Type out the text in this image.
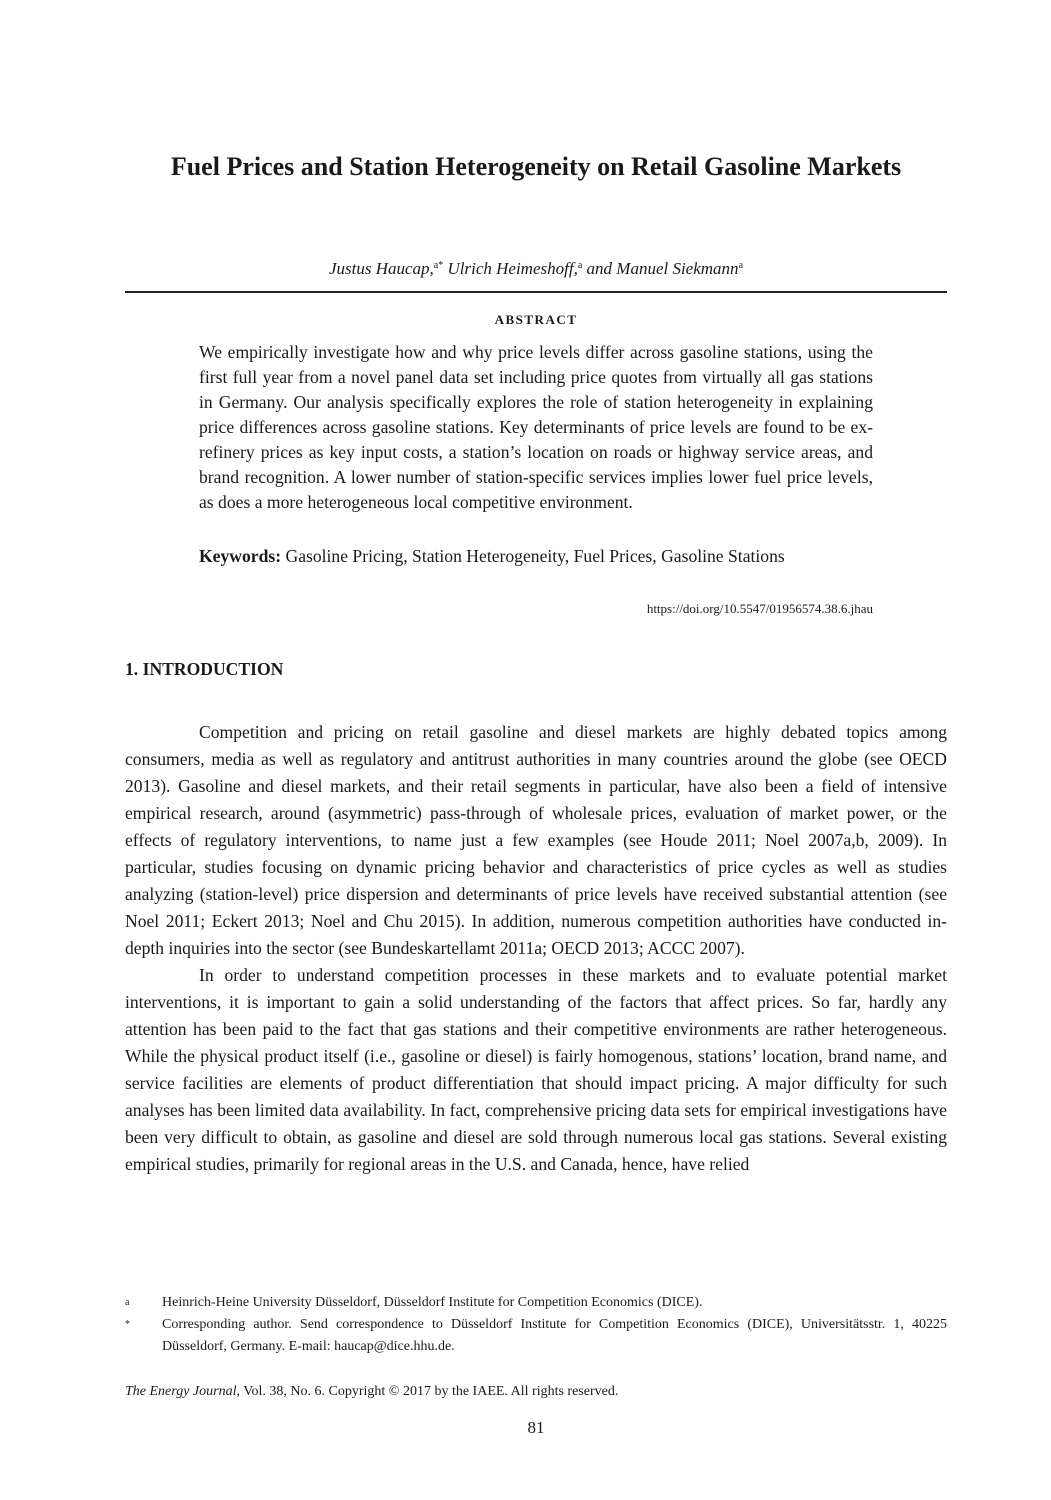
Fuel Prices and Station Heterogeneity on Retail Gasoline Markets
Justus Haucap,$^{a*}$ Ulrich Heimeshoff,$^a$ and Manuel Siekmann$^a$
ABSTRACT

We empirically investigate how and why price levels differ across gasoline stations, using the first full year from a novel panel data set including price quotes from virtually all gas stations in Germany. Our analysis specifically explores the role of station heterogeneity in explaining price differences across gasoline stations. Key determinants of price levels are found to be ex-refinery prices as key input costs, a station’s location on roads or highway service areas, and brand recognition. A lower number of station-specific services implies lower fuel price levels, as does a more heterogeneous local competitive environment.

Keywords: Gasoline Pricing, Station Heterogeneity, Fuel Prices, Gasoline Stations

https://doi.org/10.5547/01956574.38.6.jhau
1. INTRODUCTION

Competition and pricing on retail gasoline and diesel markets are highly debated topics among consumers, media as well as regulatory and antitrust authorities in many countries around the globe (see OECD 2013). Gasoline and diesel markets, and their retail segments in particular, have also been a field of intensive empirical research, around (asymmetric) pass-through of wholesale prices, evaluation of market power, or the effects of regulatory interventions, to name just a few examples (see Houde 2011; Noel 2007a,b, 2009). In particular, studies focusing on dynamic pricing behavior and characteristics of price cycles as well as studies analyzing (station-level) price dispersion and determinants of price levels have received substantial attention (see Noel 2011; Eckert 2013; Noel and Chu 2015). In addition, numerous competition authorities have conducted in-depth inquiries into the sector (see Bundeskartellamt 2011a; OECD 2013; ACCC 2007).

In order to understand competition processes in these markets and to evaluate potential market interventions, it is important to gain a solid understanding of the factors that affect prices. So far, hardly any attention has been paid to the fact that gas stations and their competitive environments are rather heterogeneous. While the physical product itself (i.e., gasoline or diesel) is fairly homogenous, stations’ location, brand name, and service facilities are elements of product differentiation that should impact pricing. A major difficulty for such analyses has been limited data availability. In fact, comprehensive pricing data sets for empirical investigations have been very difficult to obtain, as gasoline and diesel are sold through numerous local gas stations. Several existing empirical studies, primarily for regional areas in the U.S. and Canada, hence, have relied

a	Heinrich-Heine University Düsseldorf, Düsseldorf Institute for Competition Economics (DICE).
*	Corresponding author. Send correspondence to Düsseldorf Institute for Competition Economics (DICE), Universitätsstr. 1, 40225 Düsseldorf, Germany. E-mail: haucap@dice.hhu.de.
The Energy Journal, Vol. 38, No. 6. Copyright © 2017 by the IAEE. All rights reserved.
81
